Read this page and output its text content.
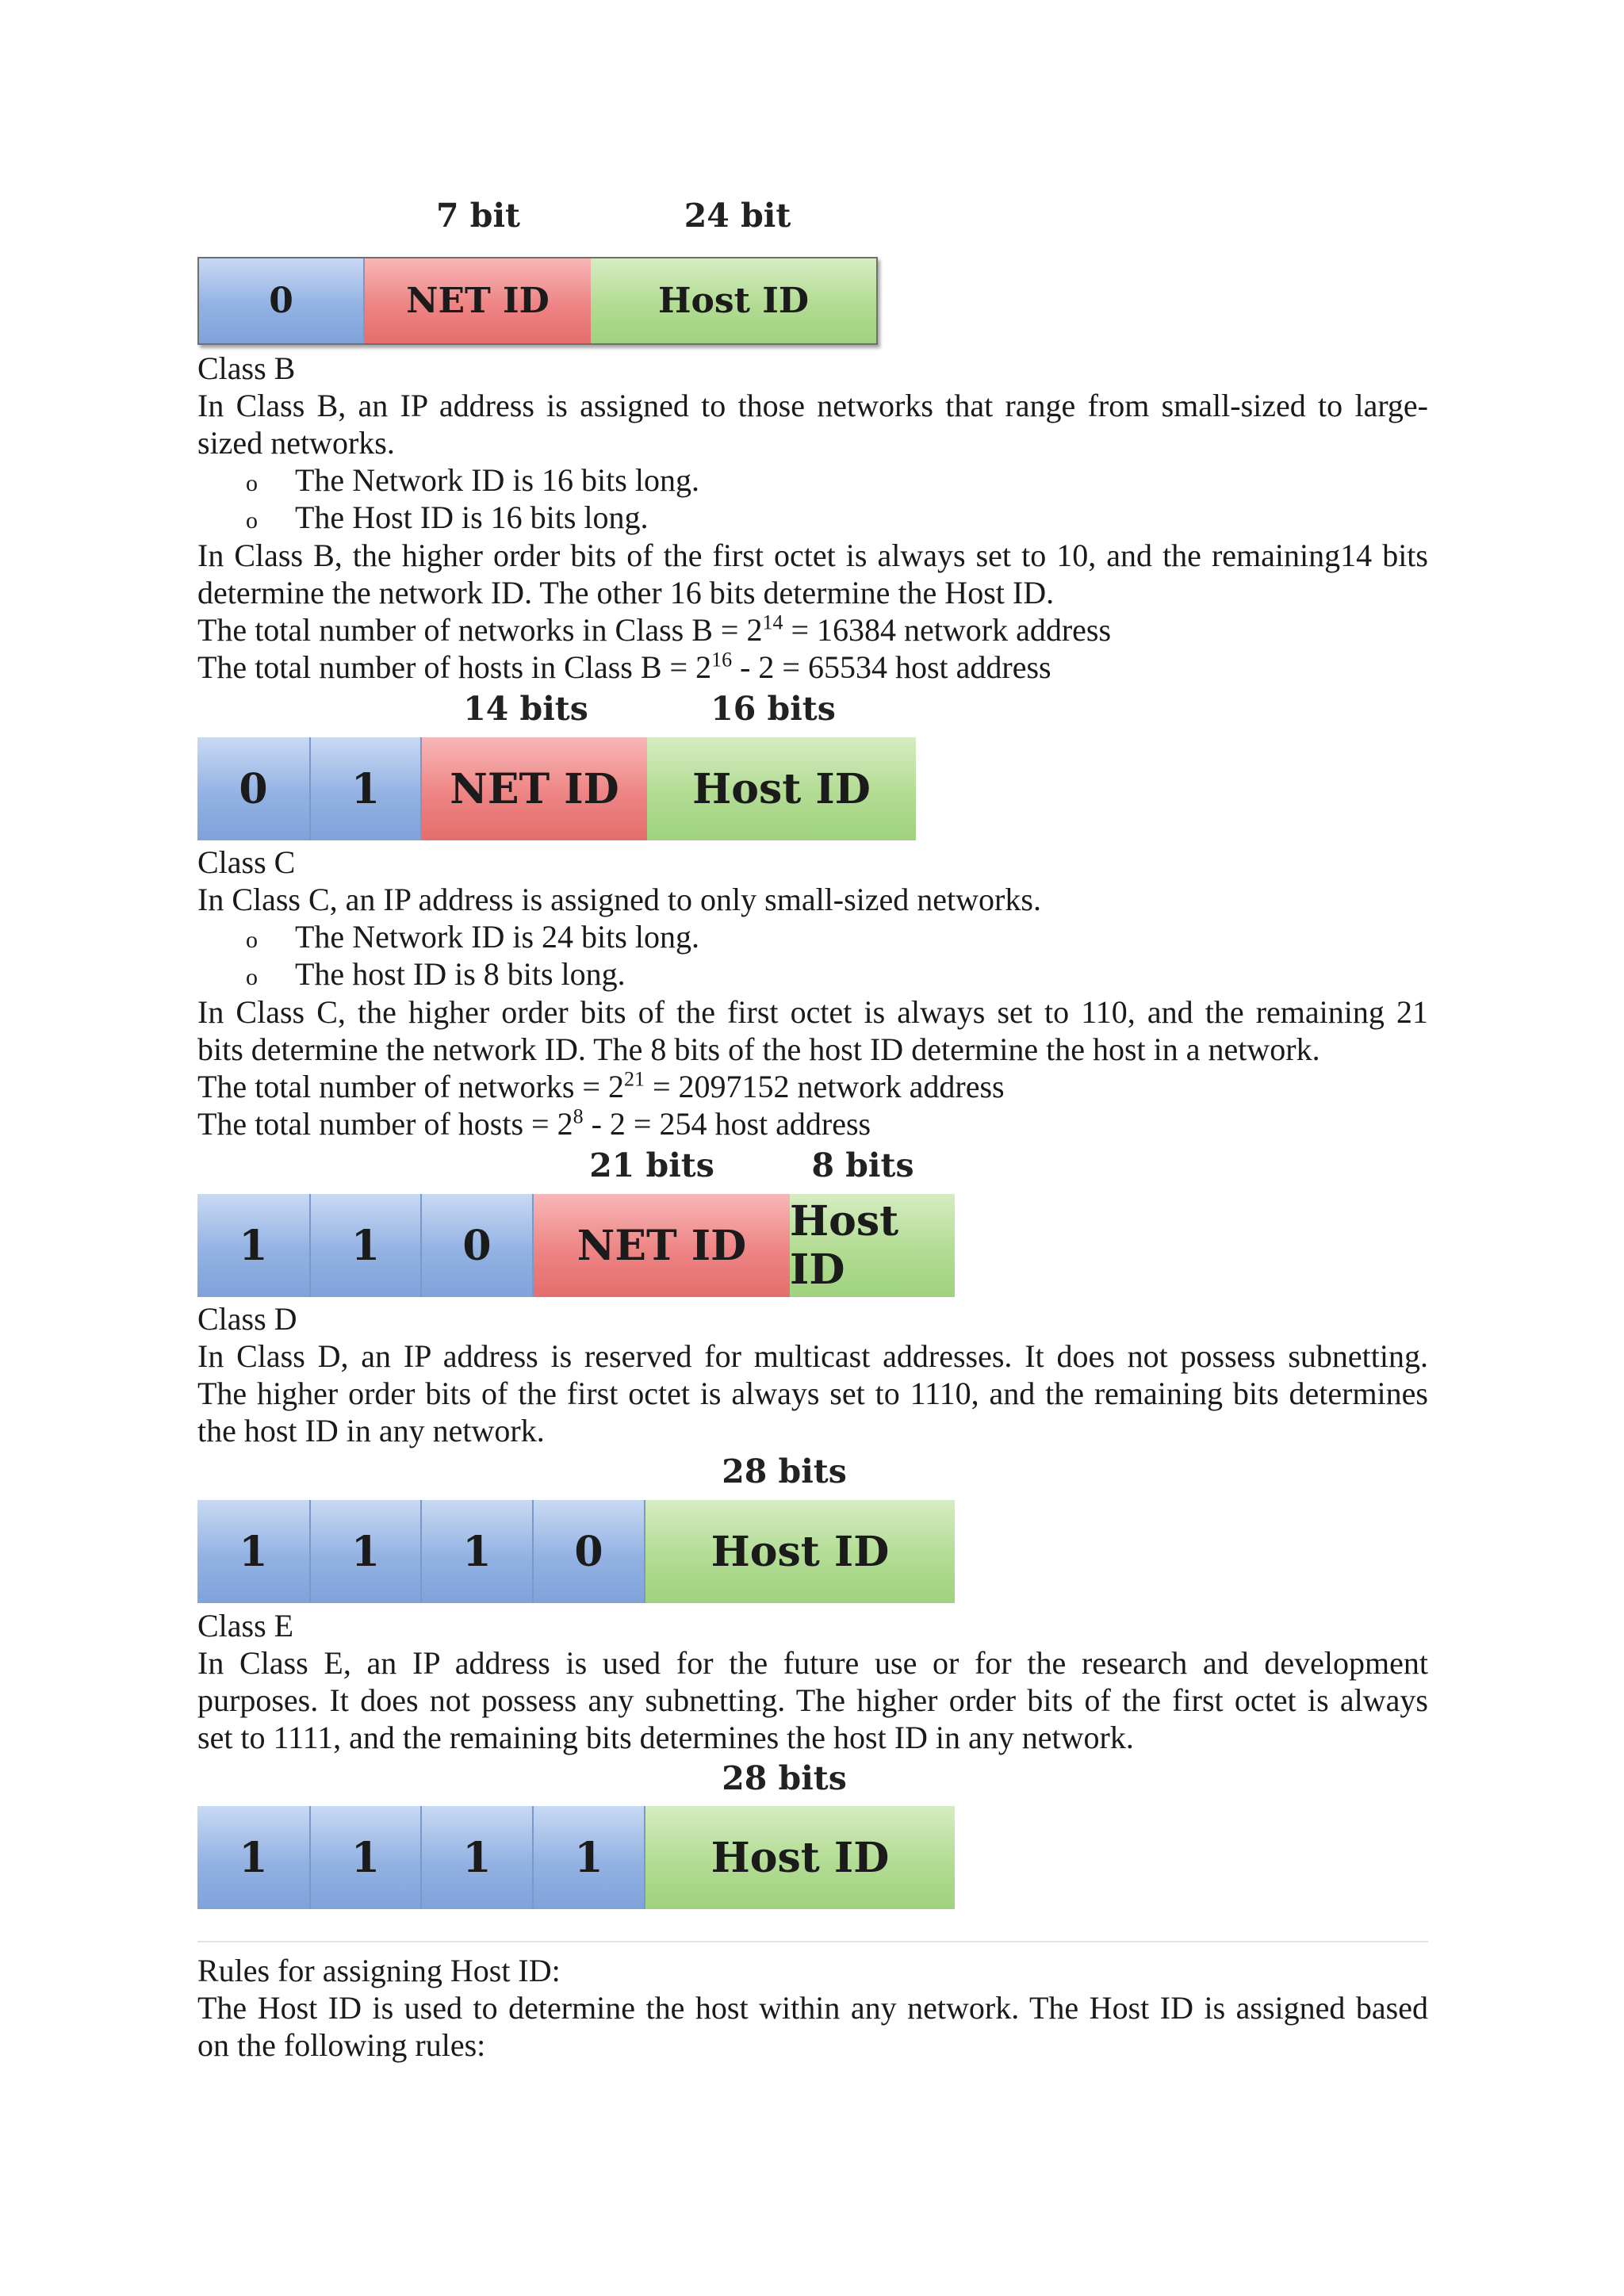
7 bit	24 bit
0	NET ID	Host ID
Class B
In Class B, an IP address is assigned to those networks that range from small-sized to large-
sized networks.
o The Network ID is 16 bits long.
o The Host ID is 16 bits long.
In Class B, the higher order bits of the first octet is always set to 10, and the remaining14 bits
determine the network ID. The other 16 bits determine the Host ID.
The total number of networks in Class $B = 2^{14} = 16384$ network address
The total number of hosts in Class $B = 2^{16} - 2 = 65534$ host address
14 bits	16 bits
0	1	NET ID	Host ID
Class C
In Class C, an IP address is assigned to only small-sized networks.
o The Network ID is 24 bits long.
o The host ID is 8 bits long.
In Class C, the higher order bits of the first octet is always set to 110, and the remaining 21
bits determine the network ID. The 8 bits of the host ID determine the host in a network.
The total number of networks = $2^{21} = 2097152$ network address
The total number of hosts = $2^8 - 2 = 254$ host address
21 bits	8 bits
1	1	0	NET ID	Host ID
Class D
In Class D, an IP address is reserved for multicast addresses. It does not possess subnetting.
The higher order bits of the first octet is always set to 1110, and the remaining bits determines
the host ID in any network.
28 bits
1	1	1	0	Host ID
Class E
In Class E, an IP address is used for the future use or for the research and development
purposes. It does not possess any subnetting. The higher order bits of the first octet is always
set to 1111, and the remaining bits determines the host ID in any network.
28 bits
1	1	1	1	Host ID
Rules for assigning Host ID:
The Host ID is used to determine the host within any network. The Host ID is assigned based
on the following rules:
